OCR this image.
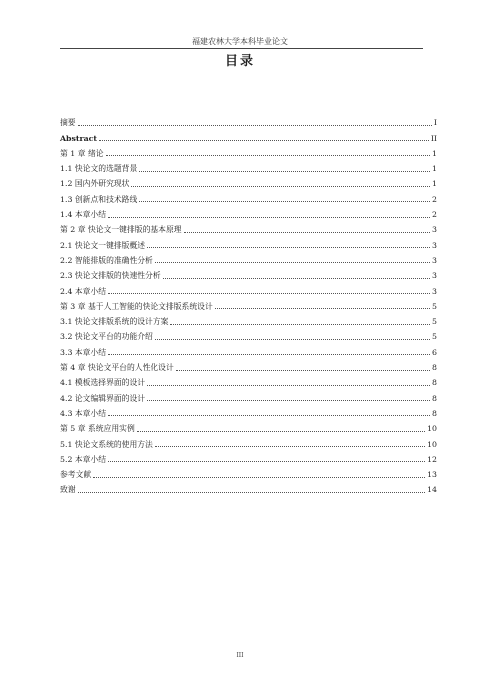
福建农林大学本科毕业论文
目录
摘要	I
Abstract	II
第 1 章 绪论	1
1.1 快论文的选题背景	1
1.2 国内外研究现状	1
1.3 创新点和技术路线	2
1.4 本章小结	2
第 2 章 快论文一键排版的基本原理	3
2.1 快论文一键排版概述	3
2.2 智能排版的准确性分析	3
2.3 快论文排版的快速性分析	3
2.4 本章小结	3
第 3 章 基于人工智能的快论文排版系统设计	5
3.1 快论文排版系统的设计方案	5
3.2 快论文平台的功能介绍	5
3.3 本章小结	6
第 4 章 快论文平台的人性化设计	8
4.1 模板选择界面的设计	8
4.2 论文编辑界面的设计	8
4.3 本章小结	8
第 5 章 系统应用实例	10
5.1 快论文系统的使用方法	10
5.2 本章小结	12
参考文献	13
致谢	14
III
